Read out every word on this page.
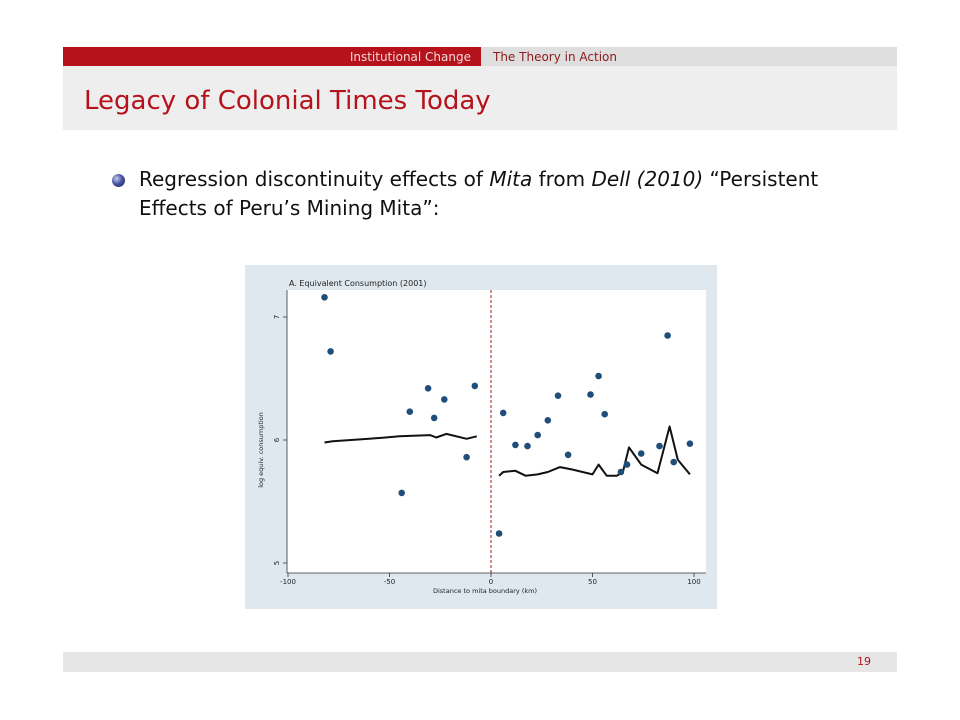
Institutional Change The Theory in Action
Legacy of Colonial Times Today
Regression discontinuity effects of Mita from Dell (2010) “Persistent Effects of Peru’s Mining Mita”:
A. Equivalent Consumption (2001)
Distance to mita boundary (km)
log equiv. consumption
-100	-50	0	50	100
5
6
7
19
